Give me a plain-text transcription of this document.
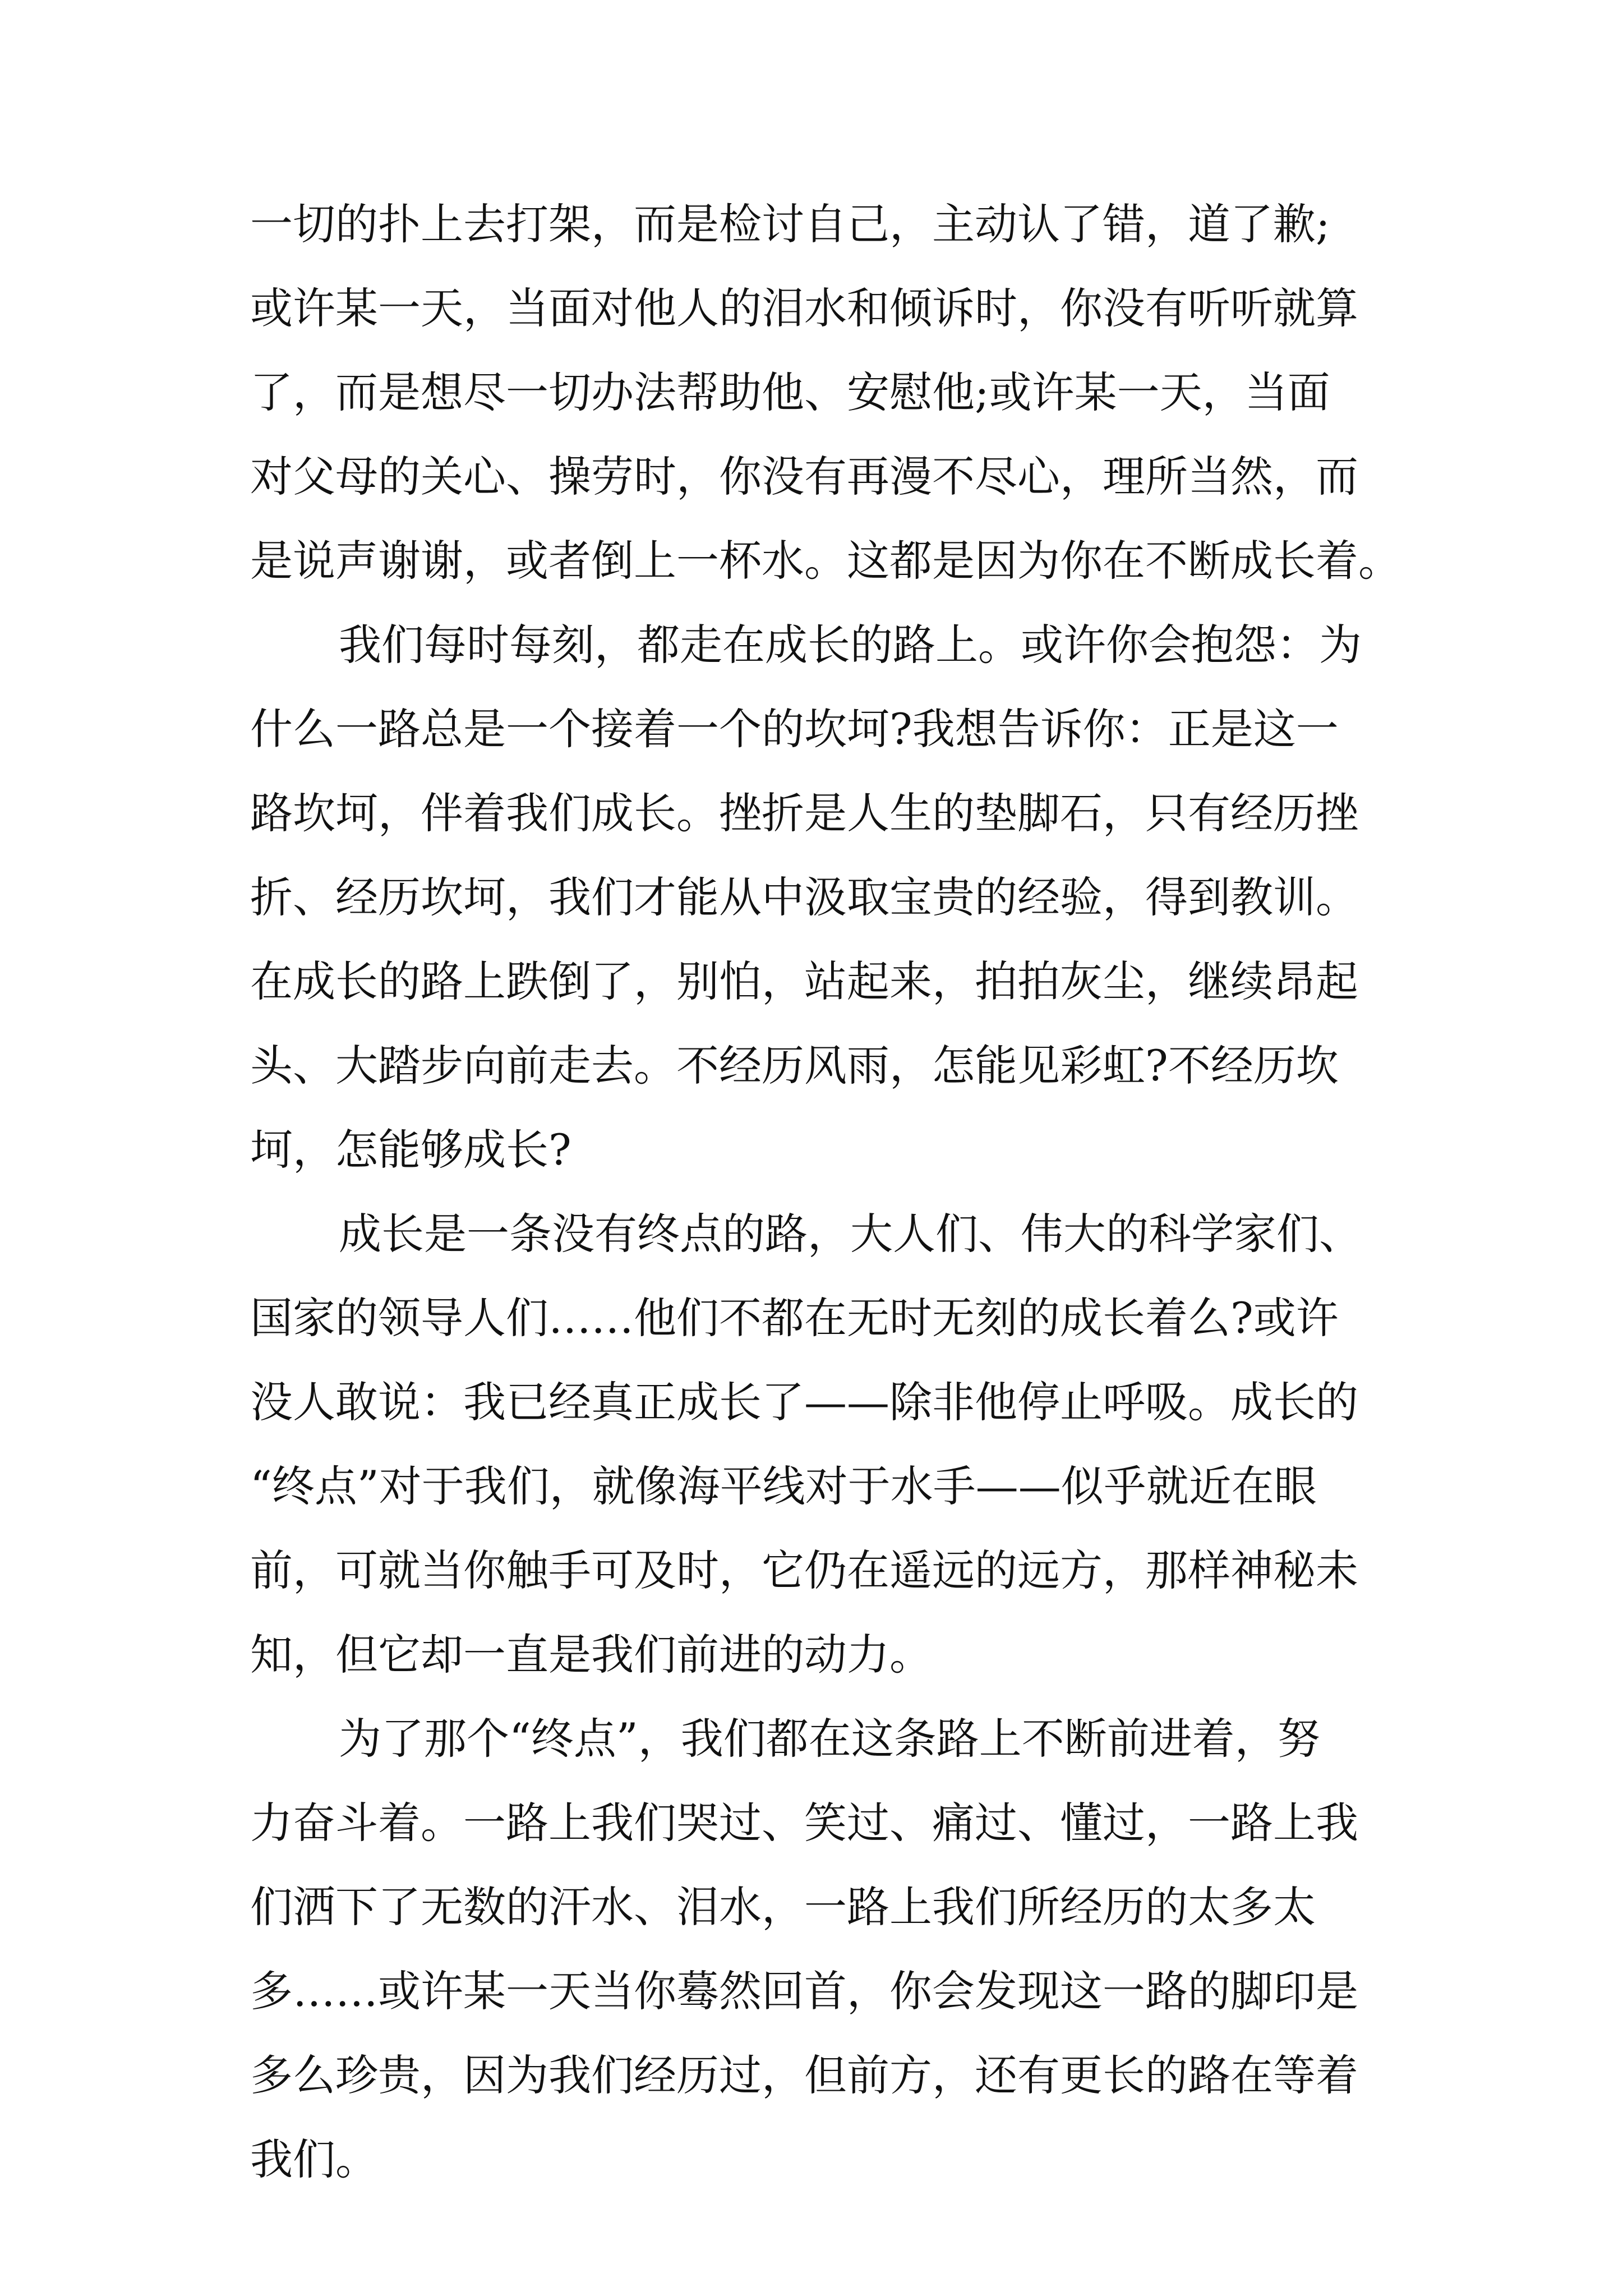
一切的扑上去打架，而是检讨自己，主动认了错，道了歉;
或许某一天，当面对他人的泪水和倾诉时，你没有听听就算
了，而是想尽一切办法帮助他、安慰他;或许某一天，当面
对父母的关心、操劳时，你没有再漫不尽心，理所当然，而
是说声谢谢，或者倒上一杯水。这都是因为你在不断成长着。
我们每时每刻，都走在成长的路上。或许你会抱怨：为
什么一路总是一个接着一个的坎坷?我想告诉你：正是这一
路坎坷，伴着我们成长。挫折是人生的垫脚石，只有经历挫
折、经历坎坷，我们才能从中汲取宝贵的经验，得到教训。
在成长的路上跌倒了，别怕，站起来，拍拍灰尘，继续昂起
头、大踏步向前走去。不经历风雨，怎能见彩虹?不经历坎
坷，怎能够成长?
成长是一条没有终点的路，大人们、伟大的科学家们、
国家的领导人们……他们不都在无时无刻的成长着么?或许
没人敢说：我已经真正成长了——除非他停止呼吸。成长的
“终点”对于我们，就像海平线对于水手——似乎就近在眼
前，可就当你触手可及时，它仍在遥远的远方，那样神秘未
知，但它却一直是我们前进的动力。
为了那个“终点”，我们都在这条路上不断前进着，努
力奋斗着。一路上我们哭过、笑过、痛过、懂过，一路上我
们洒下了无数的汗水、泪水，一路上我们所经历的太多太
多……或许某一天当你蓦然回首，你会发现这一路的脚印是
多么珍贵，因为我们经历过，但前方，还有更长的路在等着
我们。
